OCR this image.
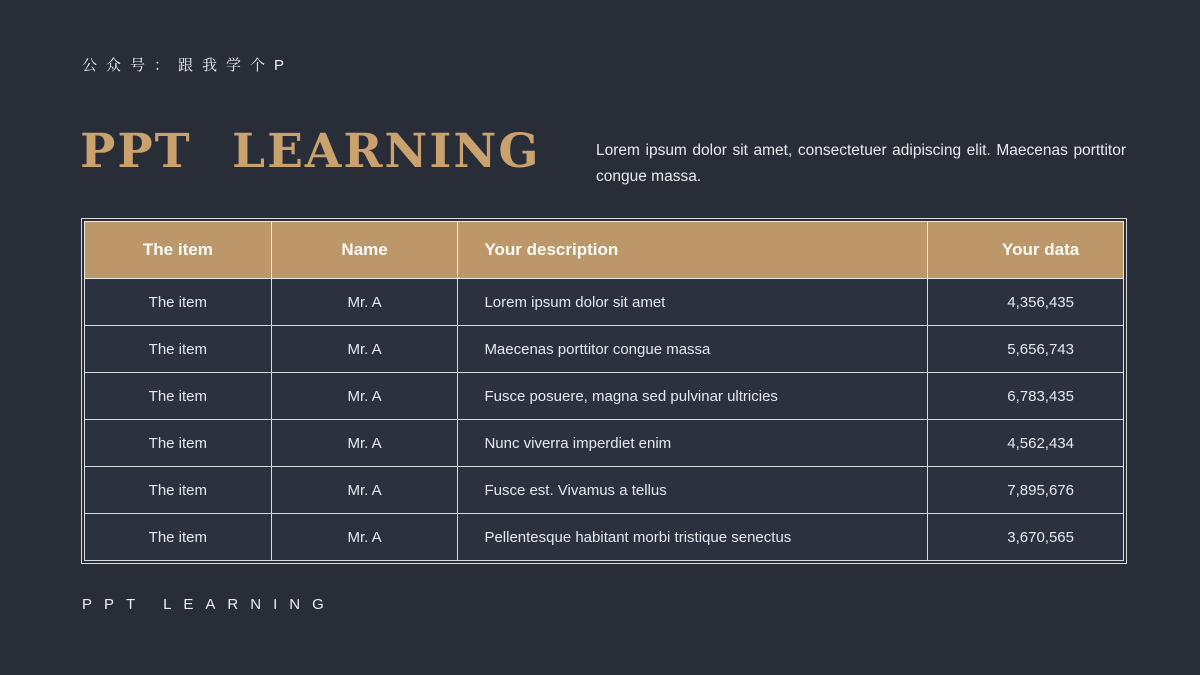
公众号：跟我学个P
PPT LEARNING	Lorem ipsum dolor sit amet, consectetuer adipiscing elit. Maecenas porttitor congue massa.

The item	Name	Your description	Your data
The item	Mr. A	Lorem ipsum dolor sit amet	4,356,435
The item	Mr. A	Maecenas porttitor congue massa	5,656,743
The item	Mr. A	Fusce posuere, magna sed pulvinar ultricies	6,783,435
The item	Mr. A	Nunc viverra imperdiet enim	4,562,434
The item	Mr. A	Fusce est. Vivamus a tellus	7,895,676
The item	Mr. A	Pellentesque habitant morbi tristique senectus	3,670,565
PPT LEARNING
